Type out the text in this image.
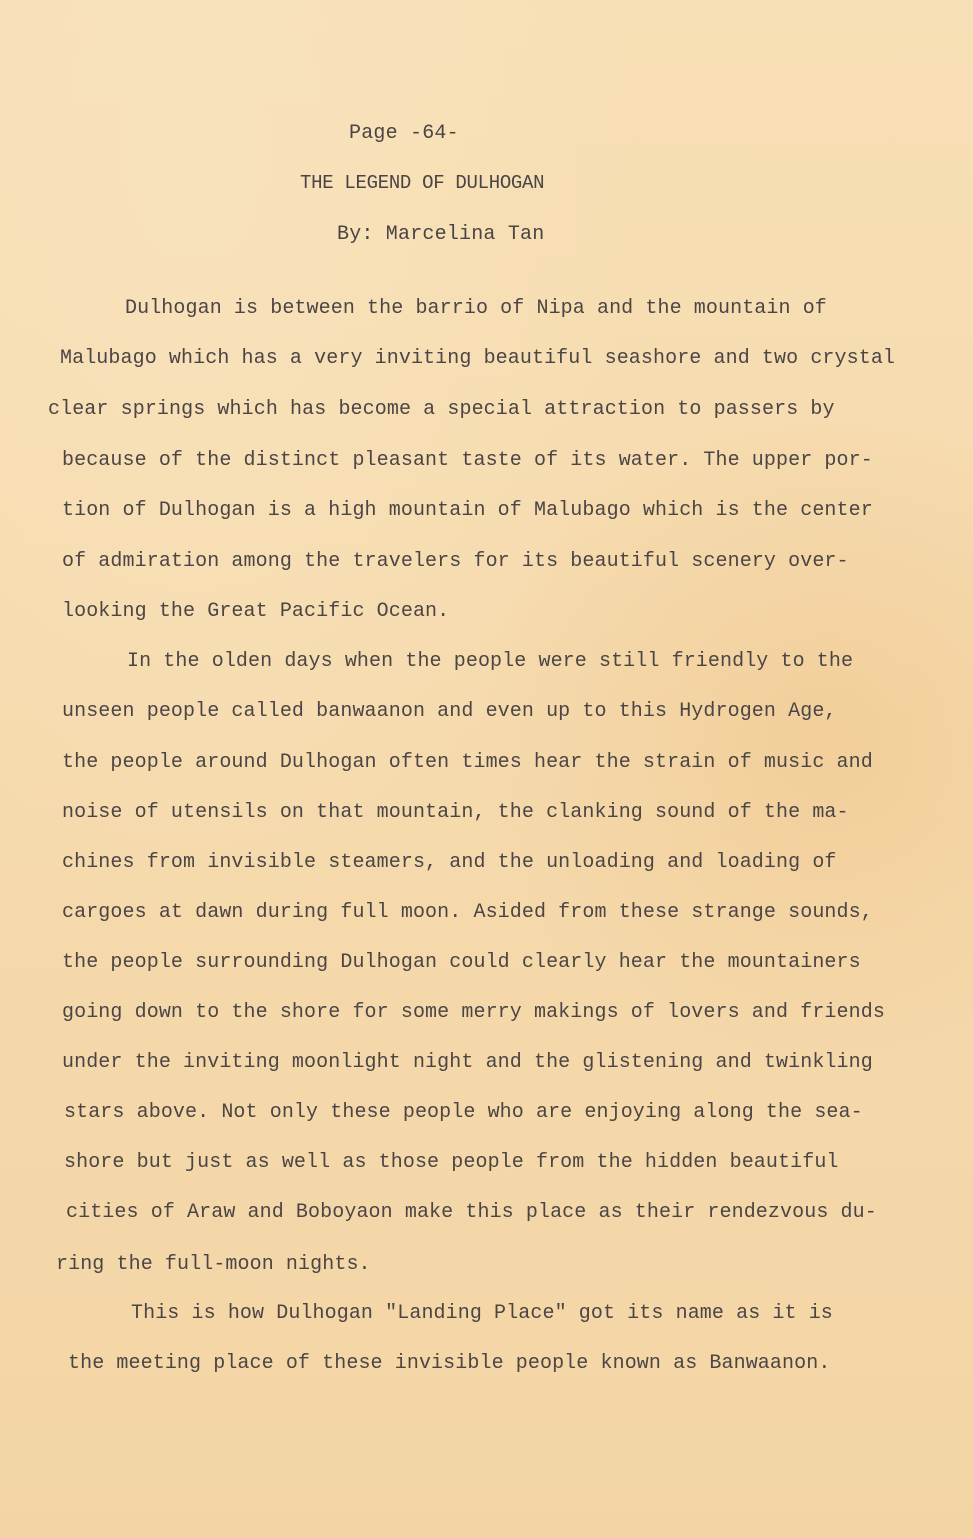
Page -64-
THE LEGEND OF DULHOGAN
By: Marcelina Tan
Dulhogan is between the barrio of Nipa and the mountain of
Malubago which has a very inviting beautiful seashore and two crystal
clear springs which has become a special attraction to passers by
because of the distinct pleasant taste of its water. The upper por-
tion of Dulhogan is a high mountain of Malubago which is the center
of admiration among the travelers for its beautiful scenery over-
looking the Great Pacific Ocean.
In the olden days when the people were still friendly to the
unseen people called banwaanon and even up to this Hydrogen Age,
the people around Dulhogan often times hear the strain of music and
noise of utensils on that mountain, the clanking sound of the ma-
chines from invisible steamers, and the unloading and loading of
cargoes at dawn during full moon. Asided from these strange sounds,
the people surrounding Dulhogan could clearly hear the mountainers
going down to the shore for some merry makings of lovers and friends
under the inviting moonlight night and the glistening and twinkling
stars above. Not only these people who are enjoying along the sea-
shore but just as well as those people from the hidden beautiful
cities of Araw and Boboyaon make this place as their rendezvous du-
ring the full-moon nights.
This is how Dulhogan "Landing Place" got its name as it is
the meeting place of these invisible people known as Banwaanon.
